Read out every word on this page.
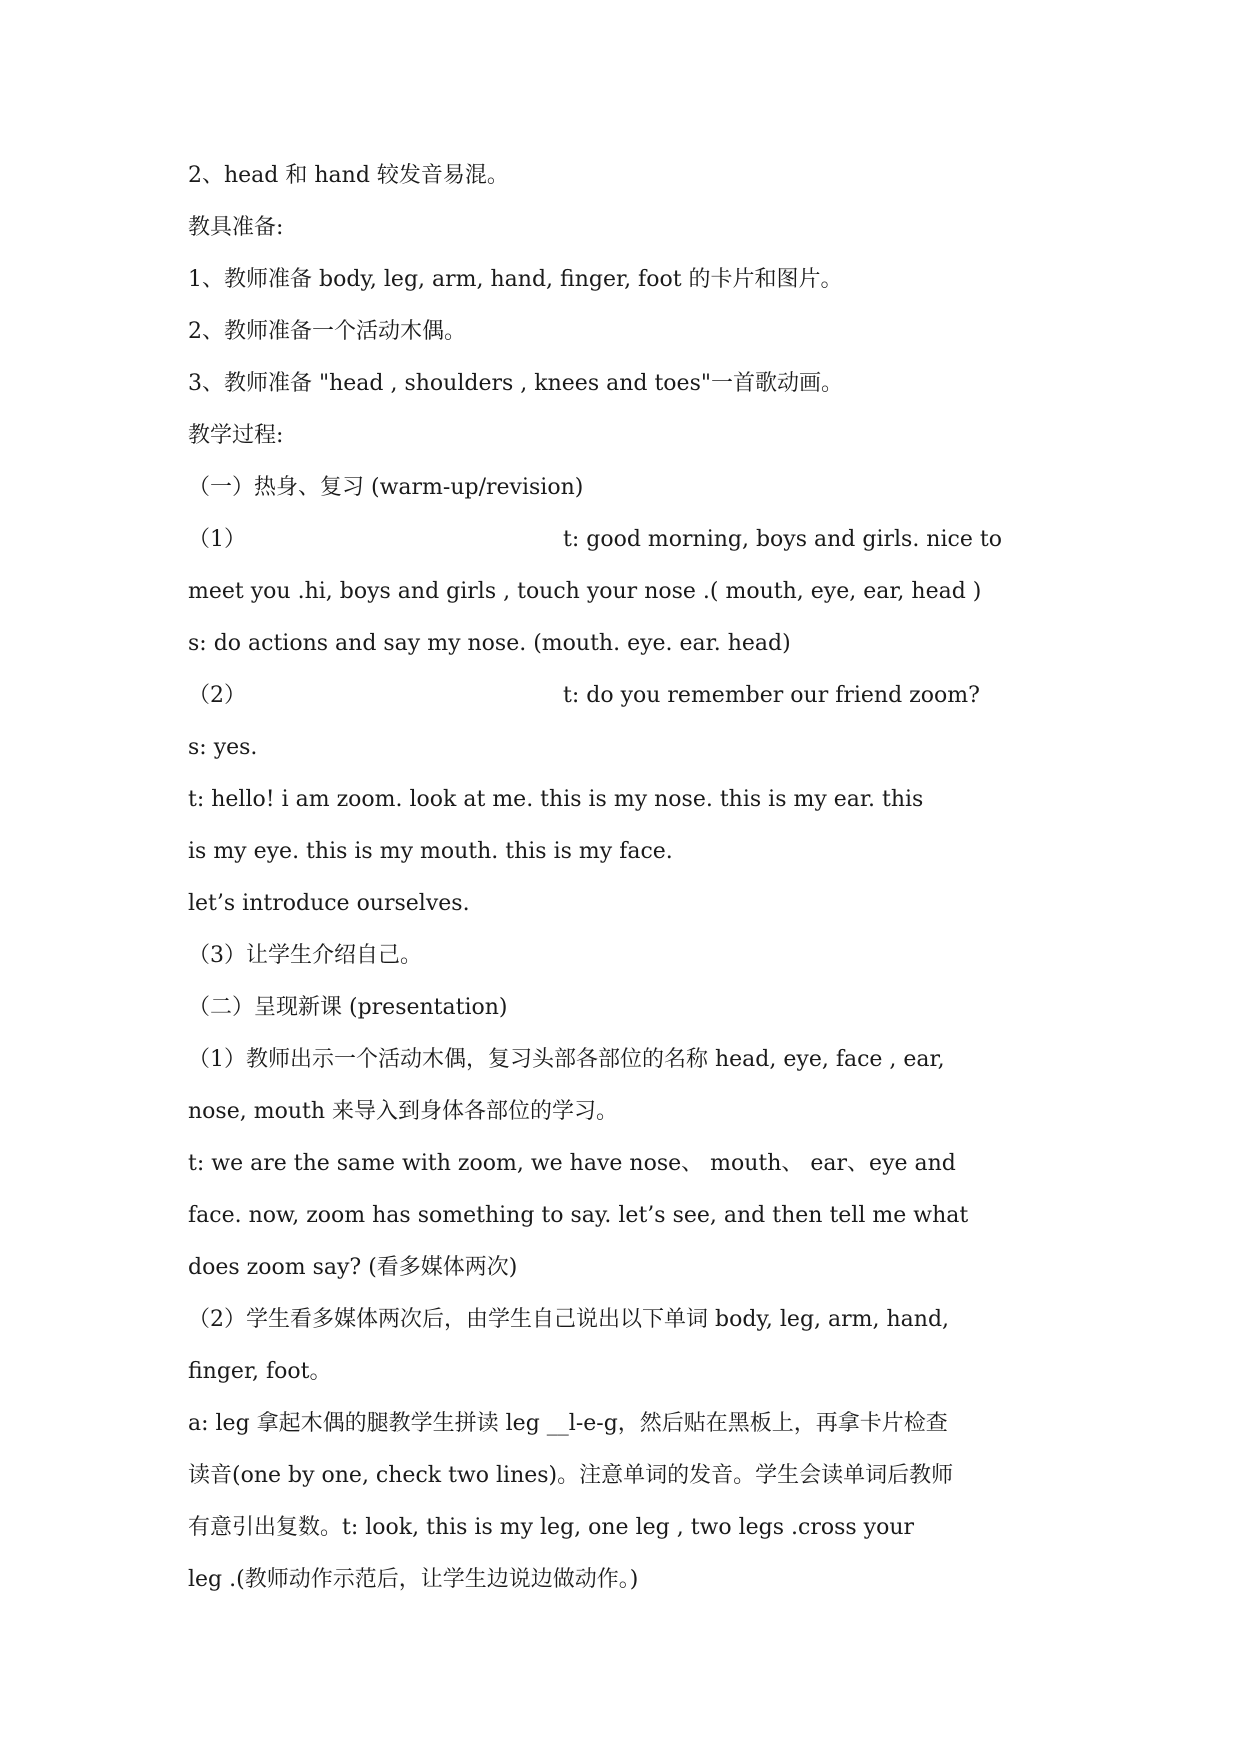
2、head 和 hand 较发音易混。

教具准备:

1、教师准备 body, leg, arm, hand, finger, foot 的卡片和图片。

2、教师准备一个活动木偶。

3、教师准备 "head , shoulders , knees and toes"一首歌动画。

教学过程:

（一）热身、复习 (warm-up/revision)

（1）	t: good morning, boys and girls. nice to

meet you .hi, boys and girls , touch your nose .( mouth, eye, ear, head )

s: do actions and say my nose. (mouth. eye. ear. head)

（2）	t: do you remember our friend zoom?

s: yes.

t: hello! i am zoom. look at me. this is my nose. this is my ear. this

is my eye. this is my mouth. this is my face.

let’s introduce ourselves.

（3）让学生介绍自己。

（二）呈现新课 (presentation)

（1）教师出示一个活动木偶，复习头部各部位的名称 head, eye, face , ear,

nose, mouth 来导入到身体各部位的学习。

t: we are the same with zoom, we have nose、 mouth、 ear、eye and

face. now, zoom has something to say. let’s see, and then tell me what

does zoom say? (看多媒体两次)

（2）学生看多媒体两次后，由学生自己说出以下单词 body, leg, arm, hand,

finger, foot。

a: leg 拿起木偶的腿教学生拼读 leg __l-e-g，然后贴在黑板上，再拿卡片检查

读音(one by one, check two lines)。注意单词的发音。学生会读单词后教师

有意引出复数。t: look, this is my leg, one leg , two legs .cross your

leg .(教师动作示范后，让学生边说边做动作。)
